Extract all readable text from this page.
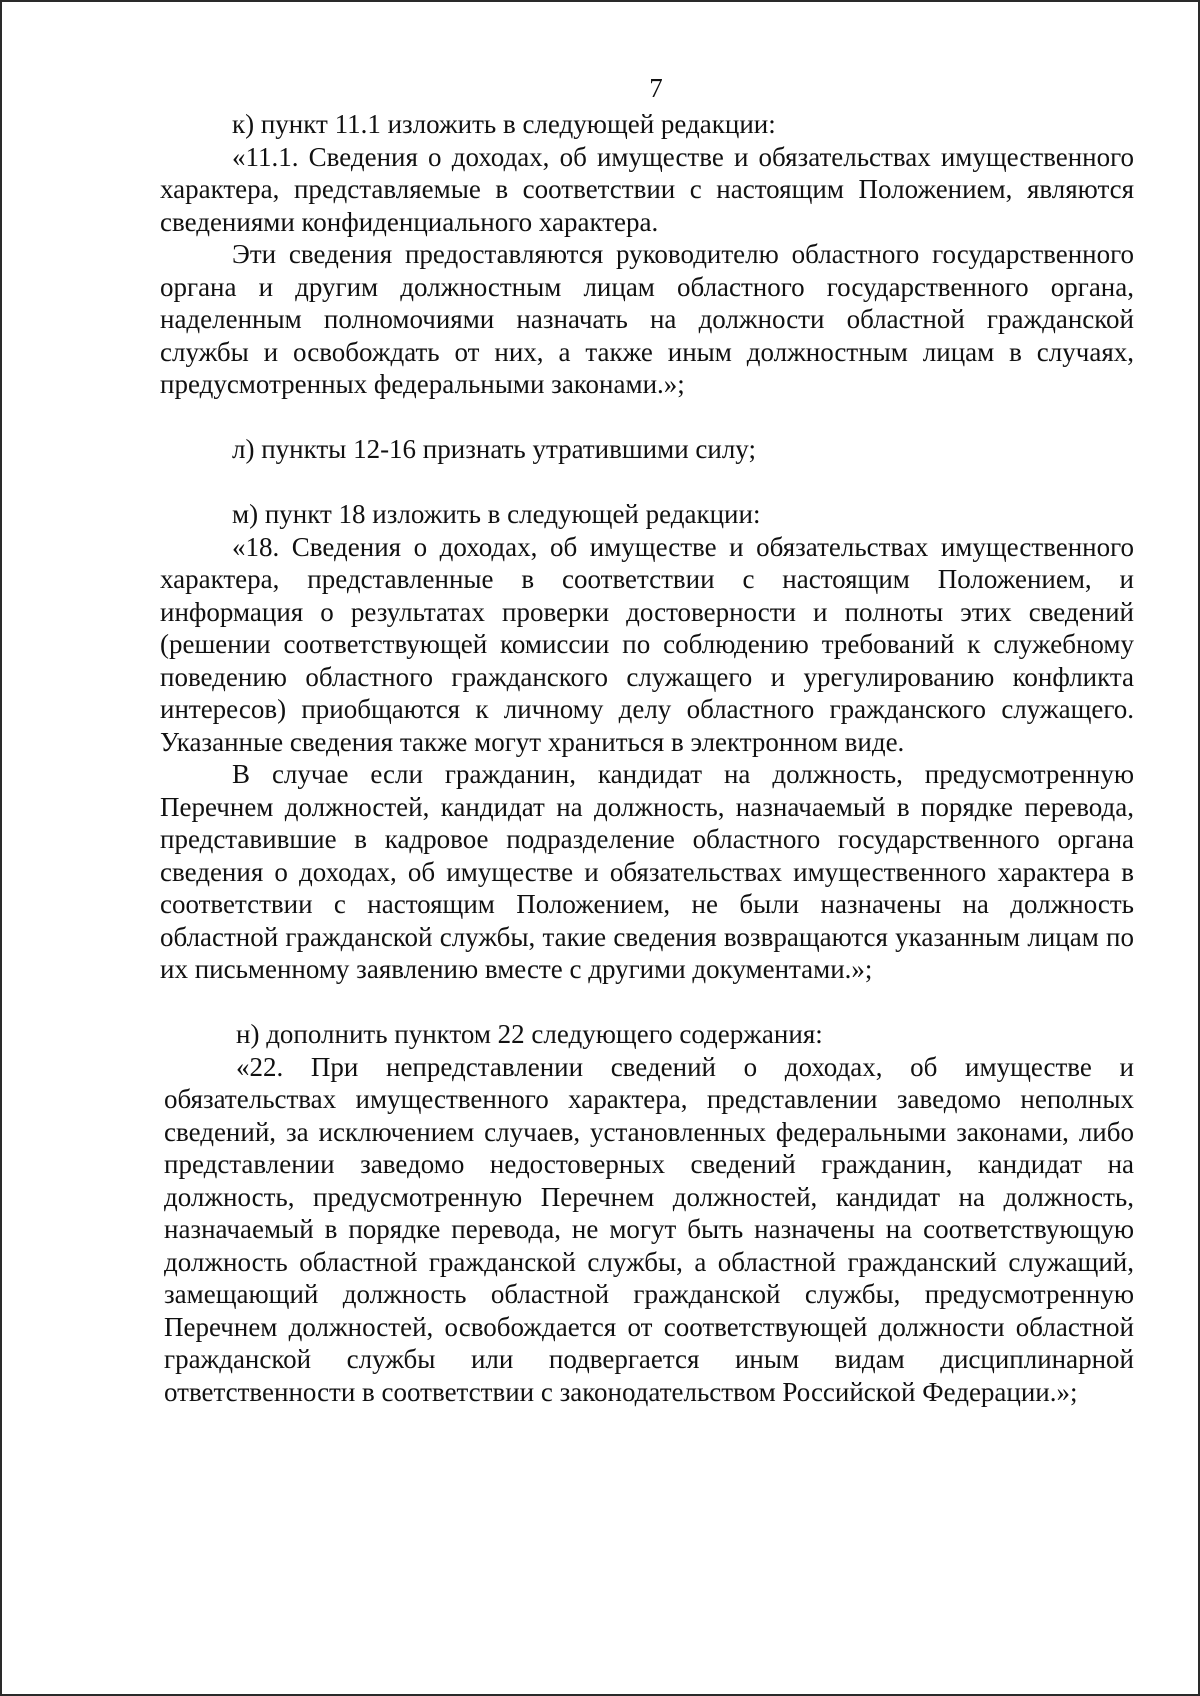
7

к) пункт 11.1 изложить в следующей редакции:

«11.1. Сведения о доходах, об имуществе и обязательствах имущественного характера, представляемые в соответствии с настоящим Положением, являются сведениями конфиденциального характера.

Эти сведения предоставляются руководителю областного государственного органа и другим должностным лицам областного государственного органа, наделенным полномочиями назначать на должности областной гражданской службы и освобождать от них, а также иным должностным лицам в случаях, предусмотренных федеральными законами.»;

л) пункты 12-16 признать утратившими силу;

м) пункт 18 изложить в следующей редакции:

«18. Сведения о доходах, об имуществе и обязательствах имущественного характера, представленные в соответствии с настоящим Положением, и информация о результатах проверки достоверности и полноты этих сведений (решении соответствующей комиссии по соблюдению требований к служебному поведению областного гражданского служащего и урегулированию конфликта интересов) приобщаются к личному делу областного гражданского служащего. Указанные сведения также могут храниться в электронном виде.

В случае если гражданин, кандидат на должность, предусмотренную Перечнем должностей, кандидат на должность, назначаемый в порядке перевода, представившие в кадровое подразделение областного государственного органа сведения о доходах, об имуществе и обязательствах имущественного характера в соответствии с настоящим Положением, не были назначены на должность областной гражданской службы, такие сведения возвращаются указанным лицам по их письменному заявлению вместе с другими документами.»;

н) дополнить пунктом 22 следующего содержания:

«22. При непредставлении сведений о доходах, об имуществе и обязательствах имущественного характера, представлении заведомо неполных сведений, за исключением случаев, установленных федеральными законами, либо представлении заведомо недостоверных сведений гражданин, кандидат на должность, предусмотренную Перечнем должностей, кандидат на должность, назначаемый в порядке перевода, не могут быть назначены на соответствующую должность областной гражданской службы, а областной гражданский служащий, замещающий должность областной гражданской службы, предусмотренную Перечнем должностей, освобождается от соответствующей должности областной гражданской службы или подвергается иным видам дисциплинарной ответственности в соответствии с законодательством Российской Федерации.»;
